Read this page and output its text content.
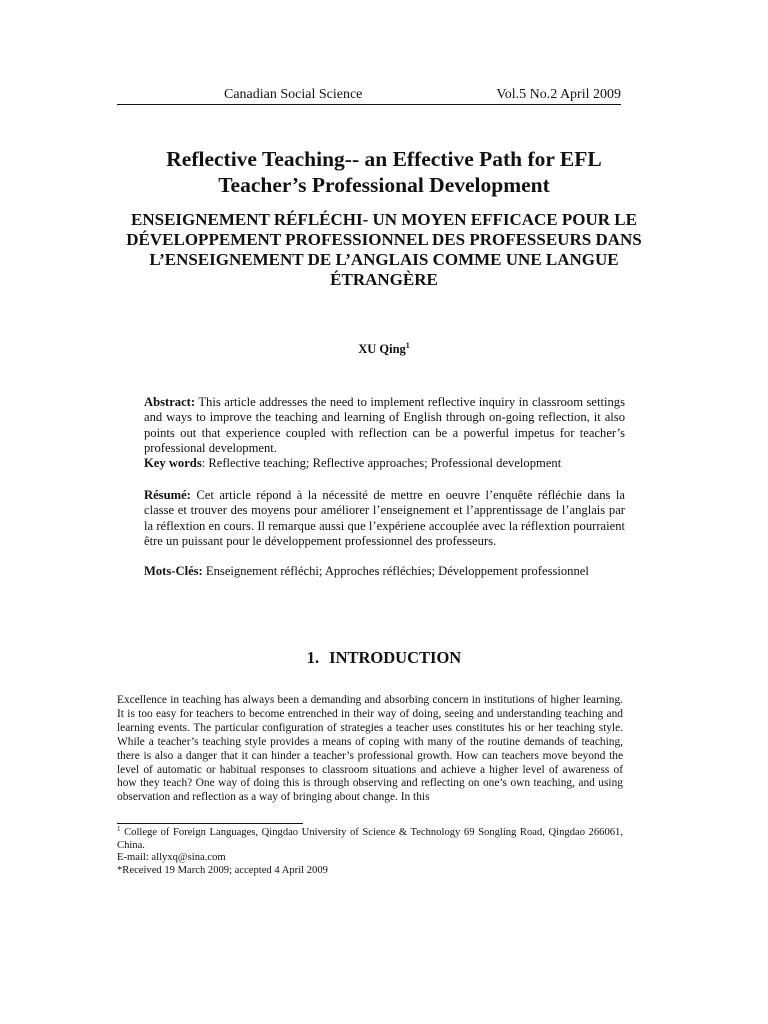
Canadian Social Science	Vol.5 No.2 April 2009
Reflective Teaching-- an Effective Path for EFL
Teacher’s Professional Development
ENSEIGNEMENT RÉFLÉCHI- UN MOYEN EFFICACE POUR LE DÉVELOPPEMENT PROFESSIONNEL DES PROFESSEURS DANS L’ENSEIGNEMENT DE L’ANGLAIS COMME UNE LANGUE ÉTRANGÈRE
XU Qing$^1$
Abstract: This article addresses the need to implement reflective inquiry in classroom settings and ways to improve the teaching and learning of English through on-going reflection, it also points out that experience coupled with reflection can be a powerful impetus for teacher’s professional development.
Key words: Reflective teaching; Reflective approaches; Professional development
Résumé: Cet article répond à la nécessité de mettre en oeuvre l’enquête réfléchie dans la classe et trouver des moyens pour améliorer l’enseignement et l’apprentissage de l’anglais par la réflextion en cours. Il remarque aussi que l’expériene accouplée avec la réflextion pourraient être un puissant pour le développement professionnel des professeurs.
Mots-Clés: Enseignement réfléchi; Approches réfléchies; Développement professionnel
1. INTRODUCTION
Excellence in teaching has always been a demanding and absorbing concern in institutions of higher learning. It is too easy for teachers to become entrenched in their way of doing, seeing and understanding teaching and learning events. The particular configuration of strategies a teacher uses constitutes his or her teaching style. While a teacher’s teaching style provides a means of coping with many of the routine demands of teaching, there is also a danger that it can hinder a teacher’s professional growth. How can teachers move beyond the level of automatic or habitual responses to classroom situations and achieve a higher level of awareness of how they teach? One way of doing this is through observing and reflecting on one’s own teaching, and using observation and reflection as a way of bringing about change. In this
$^1$ College of Foreign Languages, Qingdao University of Science & Technology 69 Songling Road, Qingdao 266061, China.
E-mail: allyxq@sina.com
*Received 19 March 2009; accepted 4 April 2009
